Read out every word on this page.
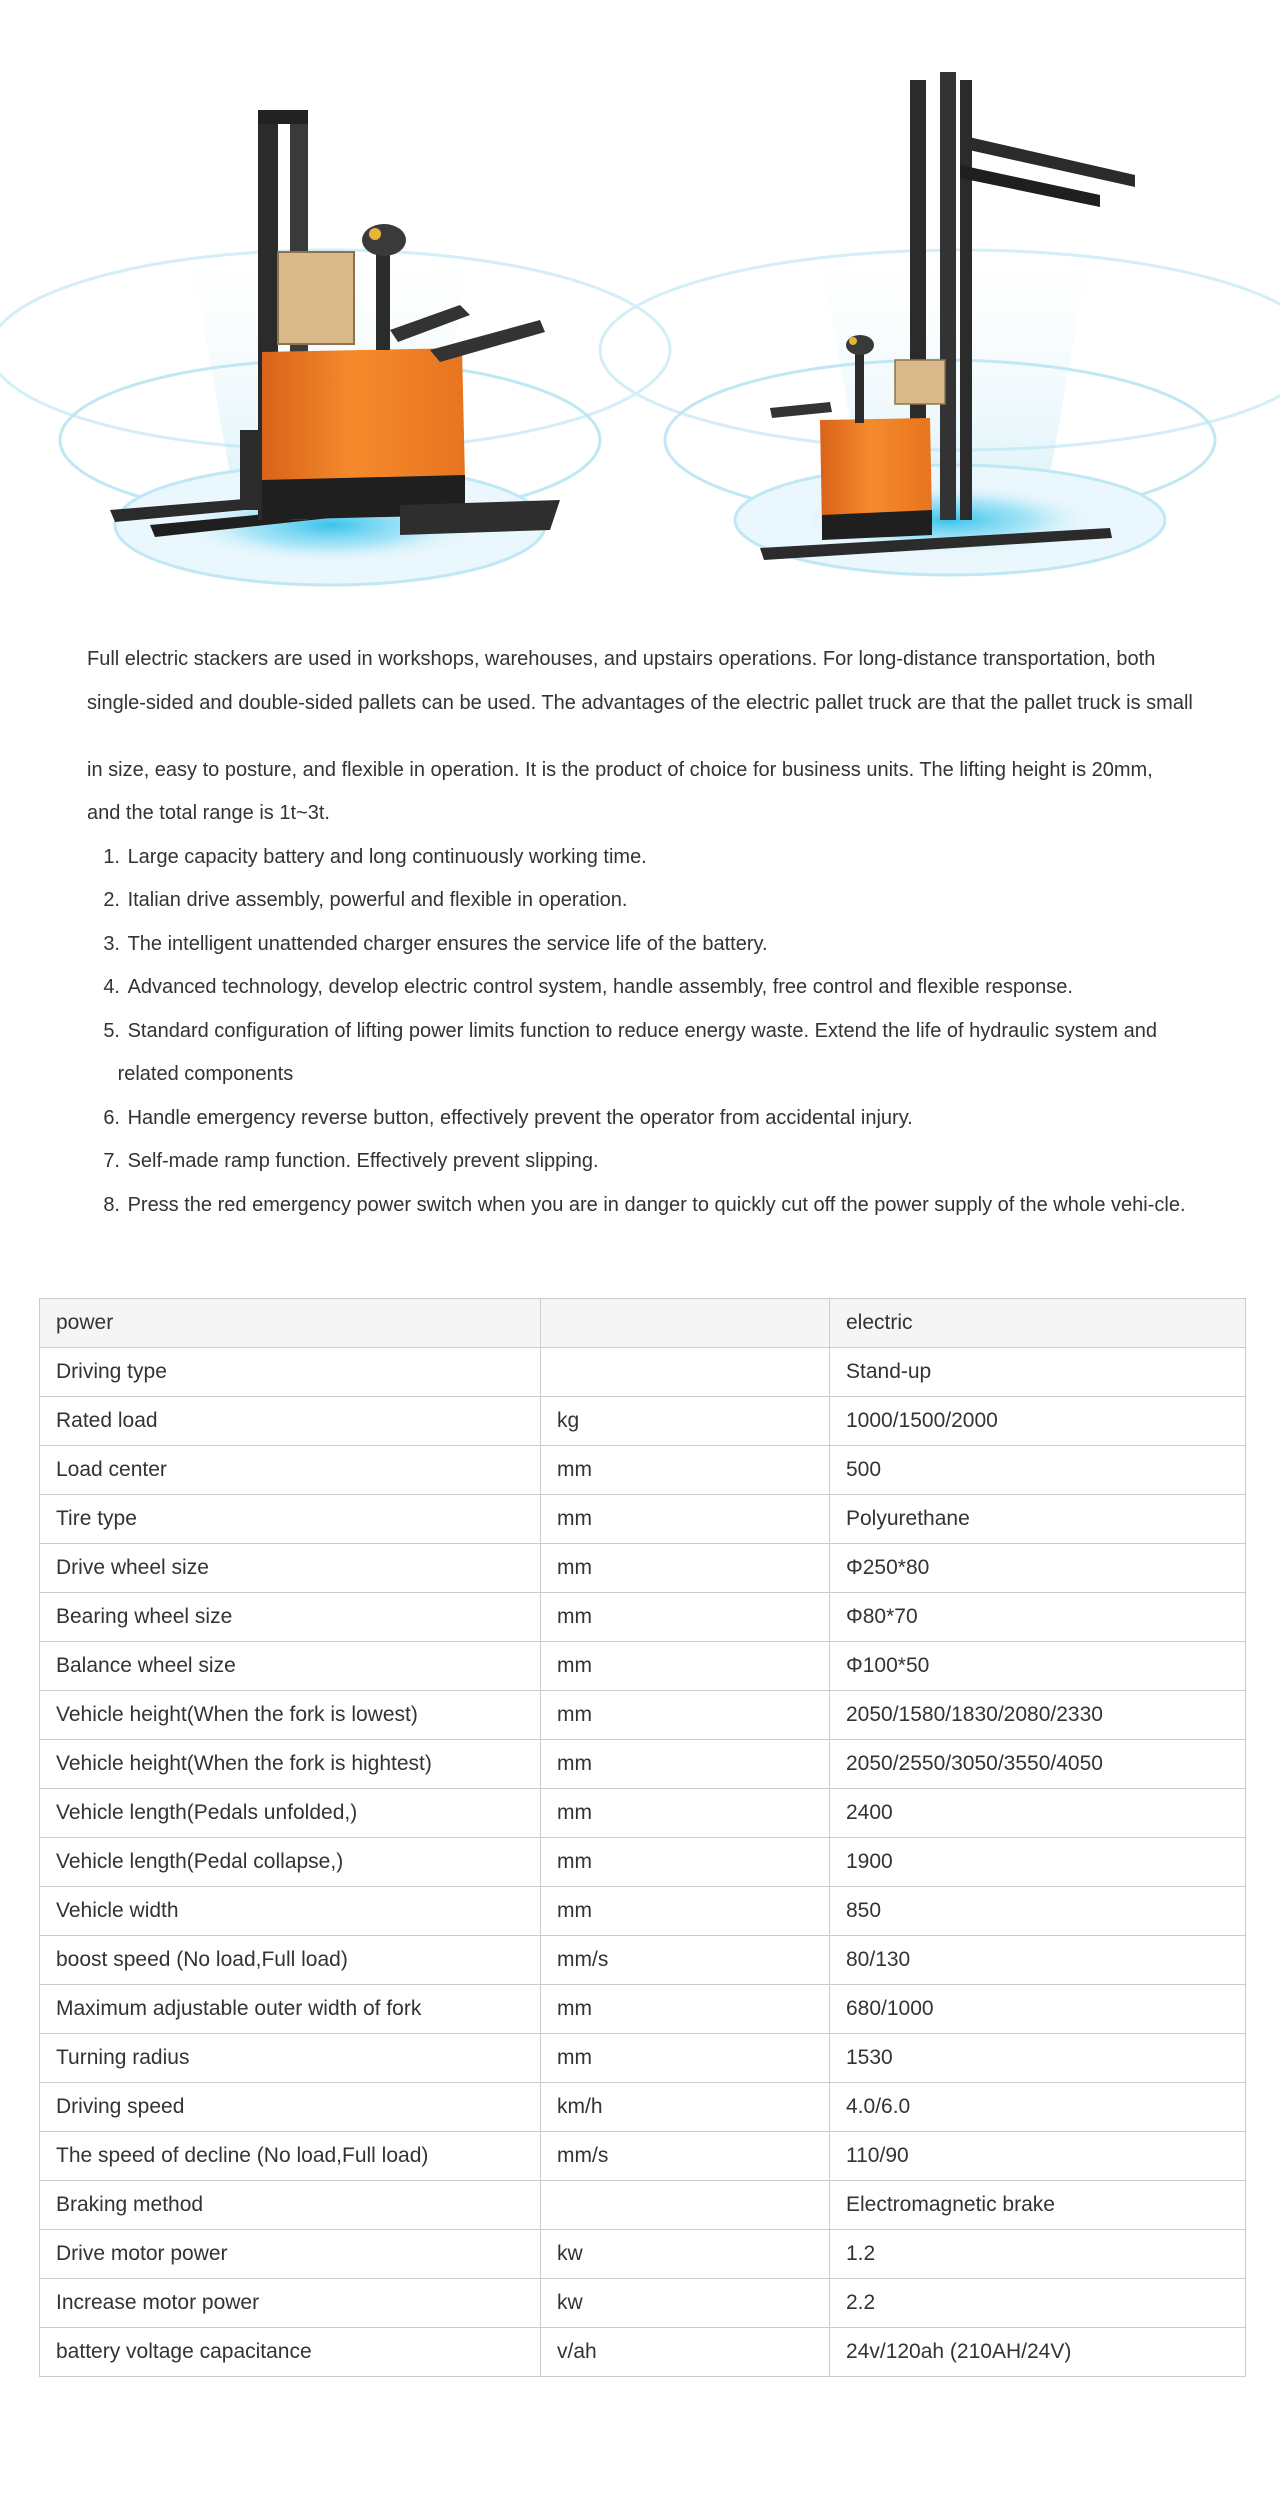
Full electric stackers are used in workshops, warehouses, and upstairs operations. For long-distance transportation, both

single-sided and double-sided pallets can be used. The advantages of the electric pallet truck are that the pallet truck is small

in size, easy to posture, and flexible in operation. It is the product of choice for business units. The lifting height is 20mm,

and the total range is 1t~3t.

1.
Large capacity battery and long continuously working time.
2.
Italian drive assembly, powerful and flexible in operation.
3.
The intelligent unattended charger ensures the service life of the battery.
4.
Advanced technology, develop electric control system, handle assembly, free control and flexible response.
5.
Standard configuration of lifting power limits function to reduce energy waste. Extend the life of hydraulic system and
related components
6.
Handle emergency reverse button, effectively prevent the operator from accidental injury.
7.
Self-made ramp function. Effectively prevent slipping.
8.
Press the red emergency power switch when you are in danger to quickly cut off the power supply of the whole vehi-cle.
power		electric
Driving type		Stand-up
Rated load	kg	1000/1500/2000
Load center	mm	500
Tire type	mm	Polyurethane
Drive wheel size	mm	Φ250*80
Bearing wheel size	mm	Φ80*70
Balance wheel size	mm	Φ100*50
Vehicle height(When the fork is lowest)	mm	2050/1580/1830/2080/2330
Vehicle height(When the fork is hightest)	mm	2050/2550/3050/3550/4050
Vehicle length(Pedals unfolded,)	mm	2400
Vehicle length(Pedal collapse,)	mm	1900
Vehicle width	mm	850
boost speed (No load,Full load)	mm/s	80/130
Maximum adjustable outer width of fork	mm	680/1000
Turning radius	mm	1530
Driving speed	km/h	4.0/6.0
The speed of decline (No load,Full load)	mm/s	110/90
Braking method		Electromagnetic brake
Drive motor power	kw	1.2
Increase motor power	kw	2.2
battery voltage capacitance	v/ah	24v/120ah (210AH/24V)
